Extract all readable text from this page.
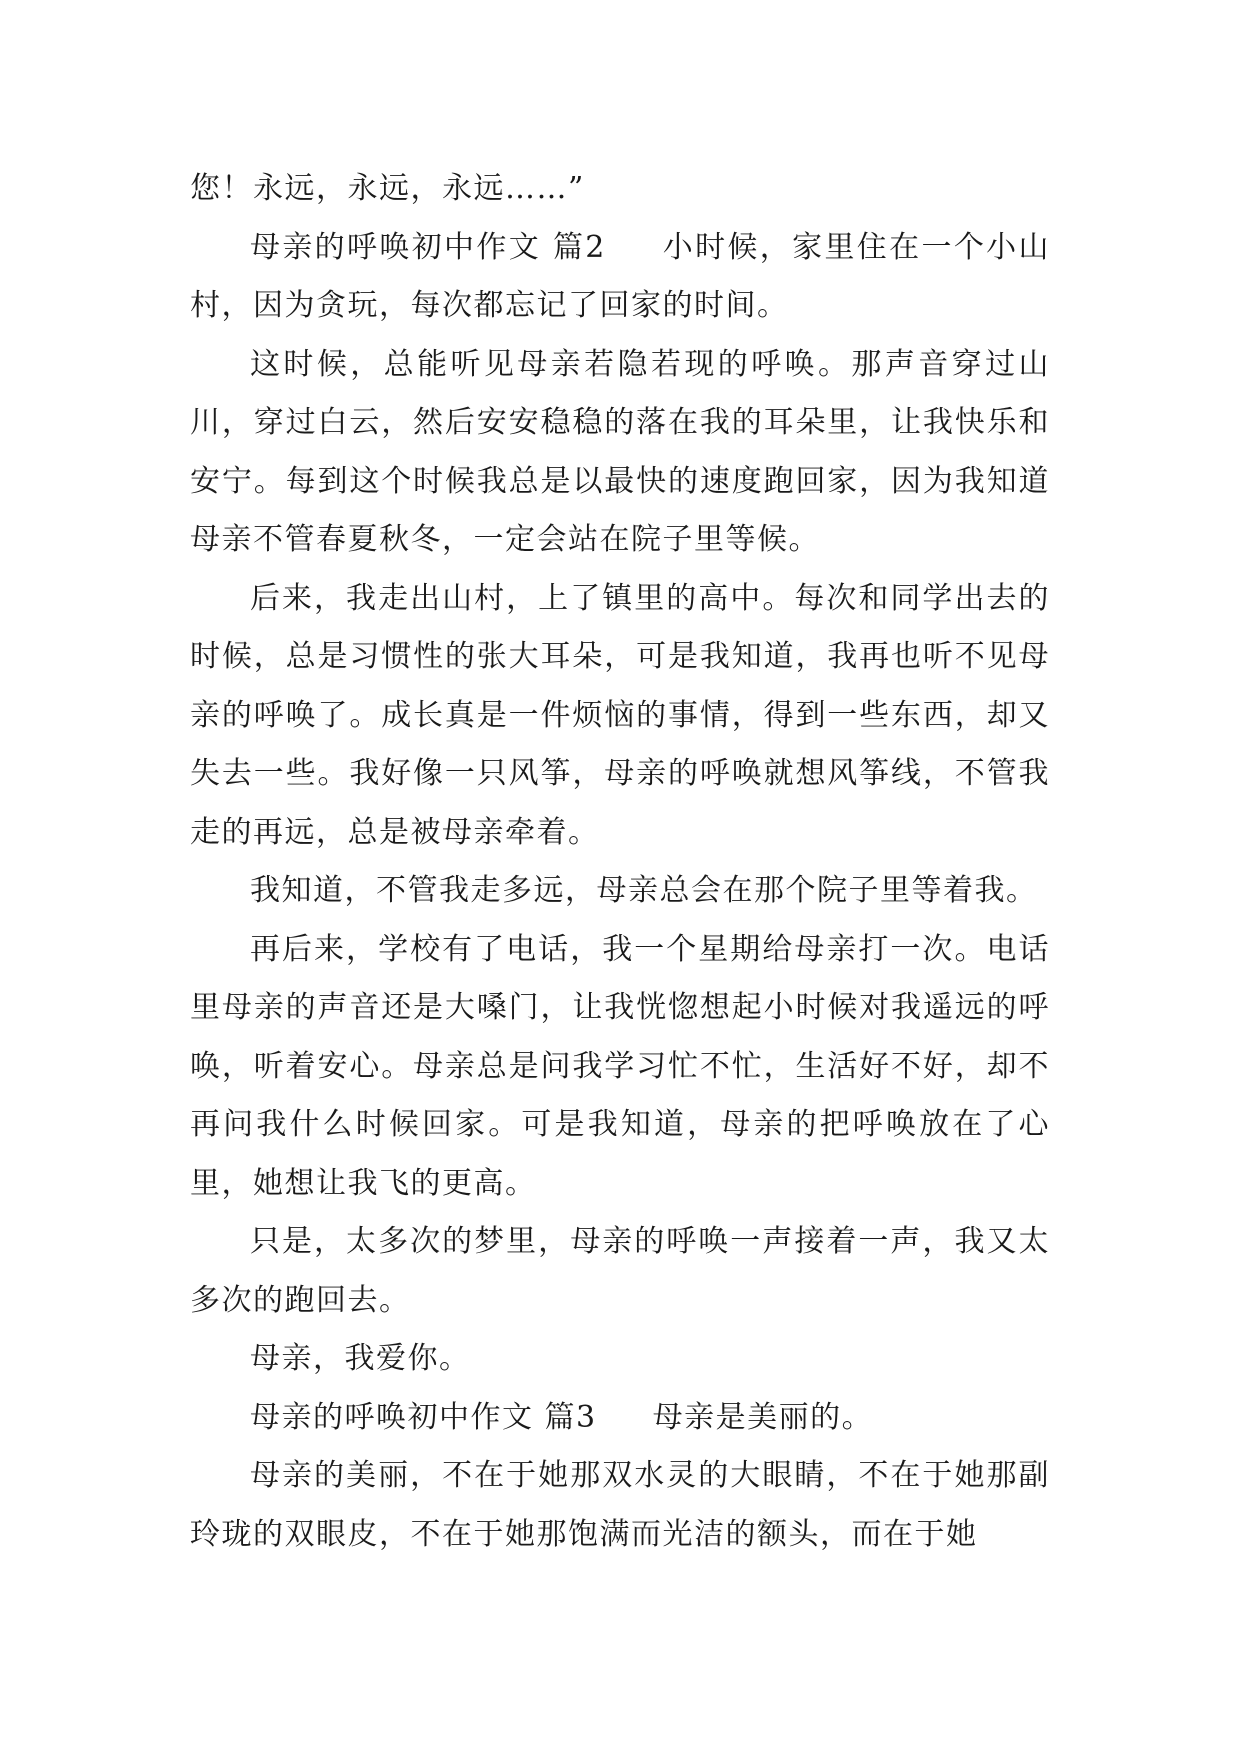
您！永远，永远，永远……”

母亲的呼唤初中作文 篇2 小时候，家里住在一个小山村，因为贪玩，每次都忘记了回家的时间。

这时候，总能听见母亲若隐若现的呼唤。那声音穿过山川，穿过白云，然后安安稳稳的落在我的耳朵里，让我快乐和安宁。每到这个时候我总是以最快的速度跑回家，因为我知道母亲不管春夏秋冬，一定会站在院子里等候。

后来，我走出山村，上了镇里的高中。每次和同学出去的时候，总是习惯性的张大耳朵，可是我知道，我再也听不见母亲的呼唤了。成长真是一件烦恼的事情，得到一些东西，却又失去一些。我好像一只风筝，母亲的呼唤就想风筝线，不管我走的再远，总是被母亲牵着。

我知道，不管我走多远，母亲总会在那个院子里等着我。

再后来，学校有了电话，我一个星期给母亲打一次。电话里母亲的声音还是大嗓门，让我恍惚想起小时候对我遥远的呼唤，听着安心。母亲总是问我学习忙不忙，生活好不好，却不再问我什么时候回家。可是我知道，母亲的把呼唤放在了心里，她想让我飞的更高。

只是，太多次的梦里，母亲的呼唤一声接着一声，我又太多次的跑回去。

母亲，我爱你。

母亲的呼唤初中作文 篇3 母亲是美丽的。

母亲的美丽，不在于她那双水灵的大眼睛，不在于她那副玲珑的双眼皮，不在于她那饱满而光洁的额头，而在于她
